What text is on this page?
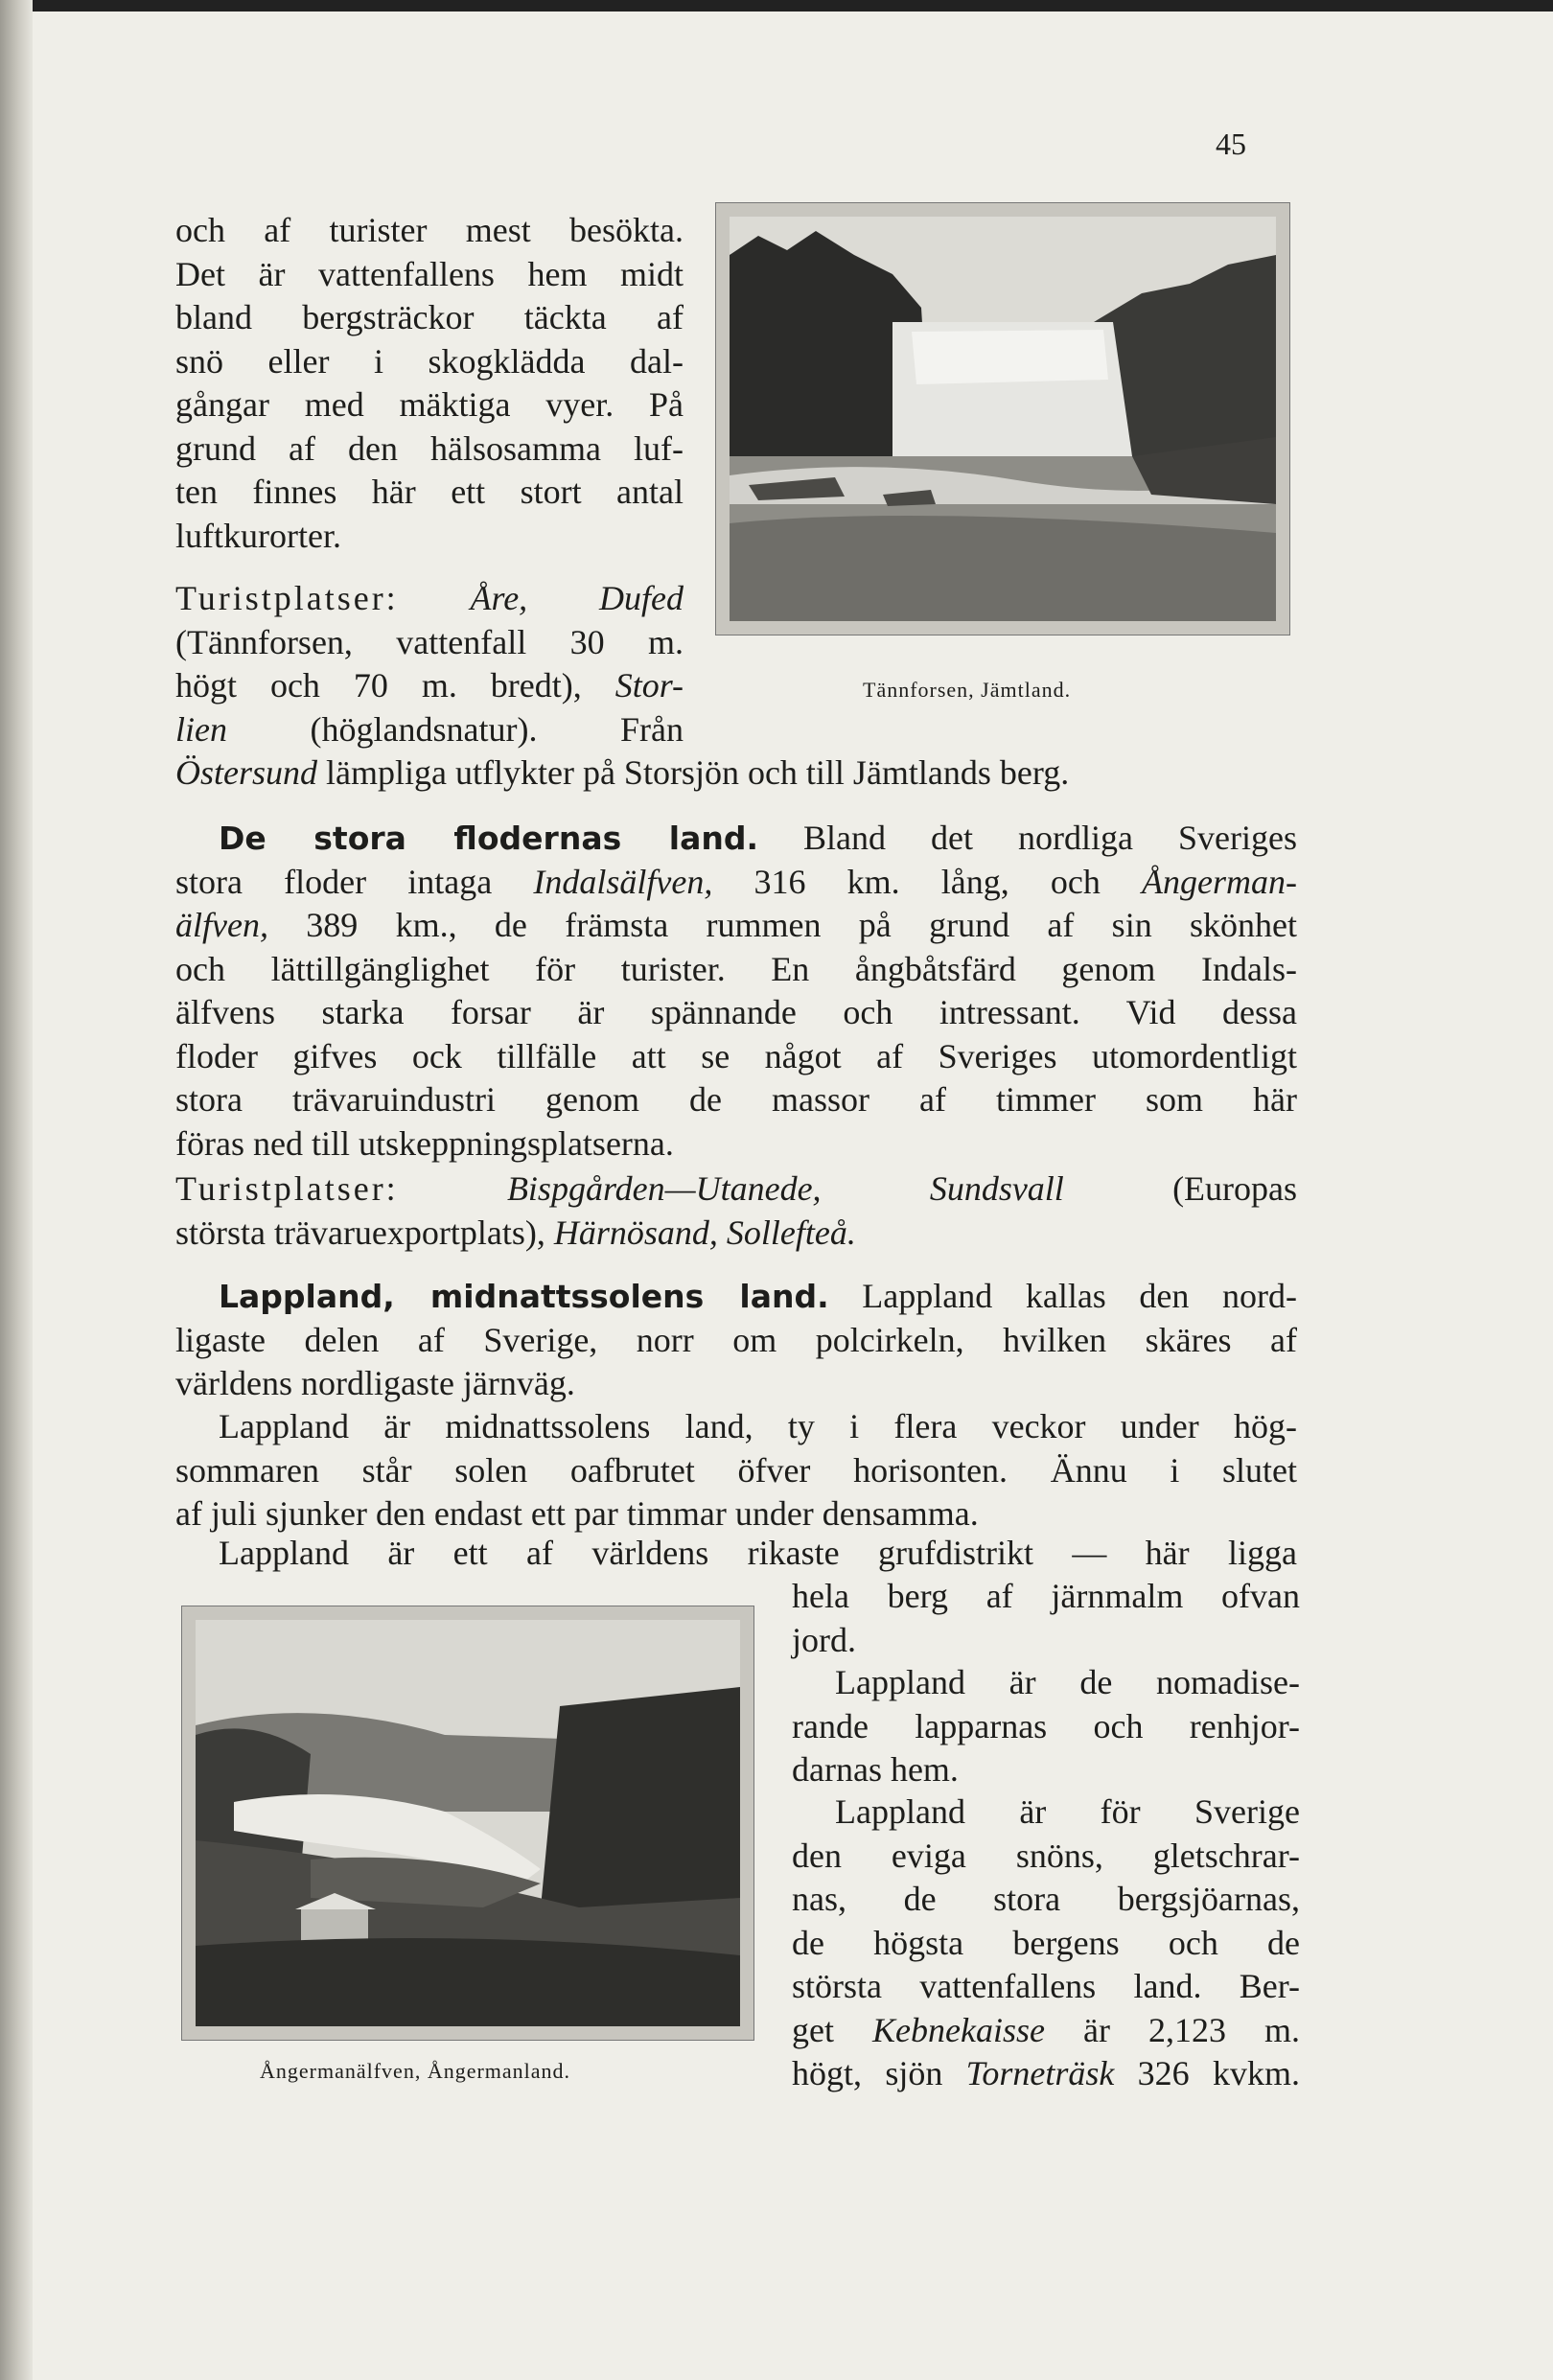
45
och af turister mest besökta.
Det är vattenfallens hem midt
bland bergsträckor täckta af
snö eller i skogklädda dal-
gångar med mäktiga vyer. På
grund af den hälsosamma luf-
ten finnes här ett stort antal
luftkurorter.
Tännforsen, Jämtland.
Turistplatser: Åre, Dufed
(Tännforsen, vattenfall 30 m.
högt och 70 m. bredt), Stor-
lien (höglandsnatur). Från
Östersund lämpliga utflykter på Storsjön och till Jämtlands berg.
De stora flodernas land. Bland det nordliga Sveriges
stora floder intaga Indalsälfven, 316 km. lång, och Ångerman-
älfven, 389 km., de främsta rummen på grund af sin skönhet
och lättillgänglighet för turister. En ångbåtsfärd genom Indals-
älfvens starka forsar är spännande och intressant. Vid dessa
floder gifves ock tillfälle att se något af Sveriges utomordentligt
stora trävaruindustri genom de massor af timmer som här
föras ned till utskeppningsplatserna.
Turistplatser:	Bispgården—Utanede,	Sundsvall	(Europas
största trävaruexportplats), Härnösand, Sollefteå.
Lappland, midnattssolens land. Lappland kallas den nord-
ligaste delen af Sverige, norr om polcirkeln, hvilken skäres af
världens nordligaste järnväg.
Lappland är midnattssolens land, ty i flera veckor under hög-
sommaren står solen oafbrutet öfver horisonten. Ännu i slutet
af juli sjunker den endast ett par timmar under densamma.
Lappland är ett af världens rikaste grufdistrikt — här ligga
hela berg af järnmalm ofvan
jord.
Ångermanälfven, Ångermanland.
Lappland är de nomadise-
rande lapparnas och renhjor-
darnas hem.
Lappland är för Sverige
den eviga snöns, gletschrar-
nas, de stora bergsjöarnas,
de högsta bergens och de
största vattenfallens land. Ber-
get Kebnekaisse är 2,123 m.
högt, sjön Torneträsk 326 kvkm.
